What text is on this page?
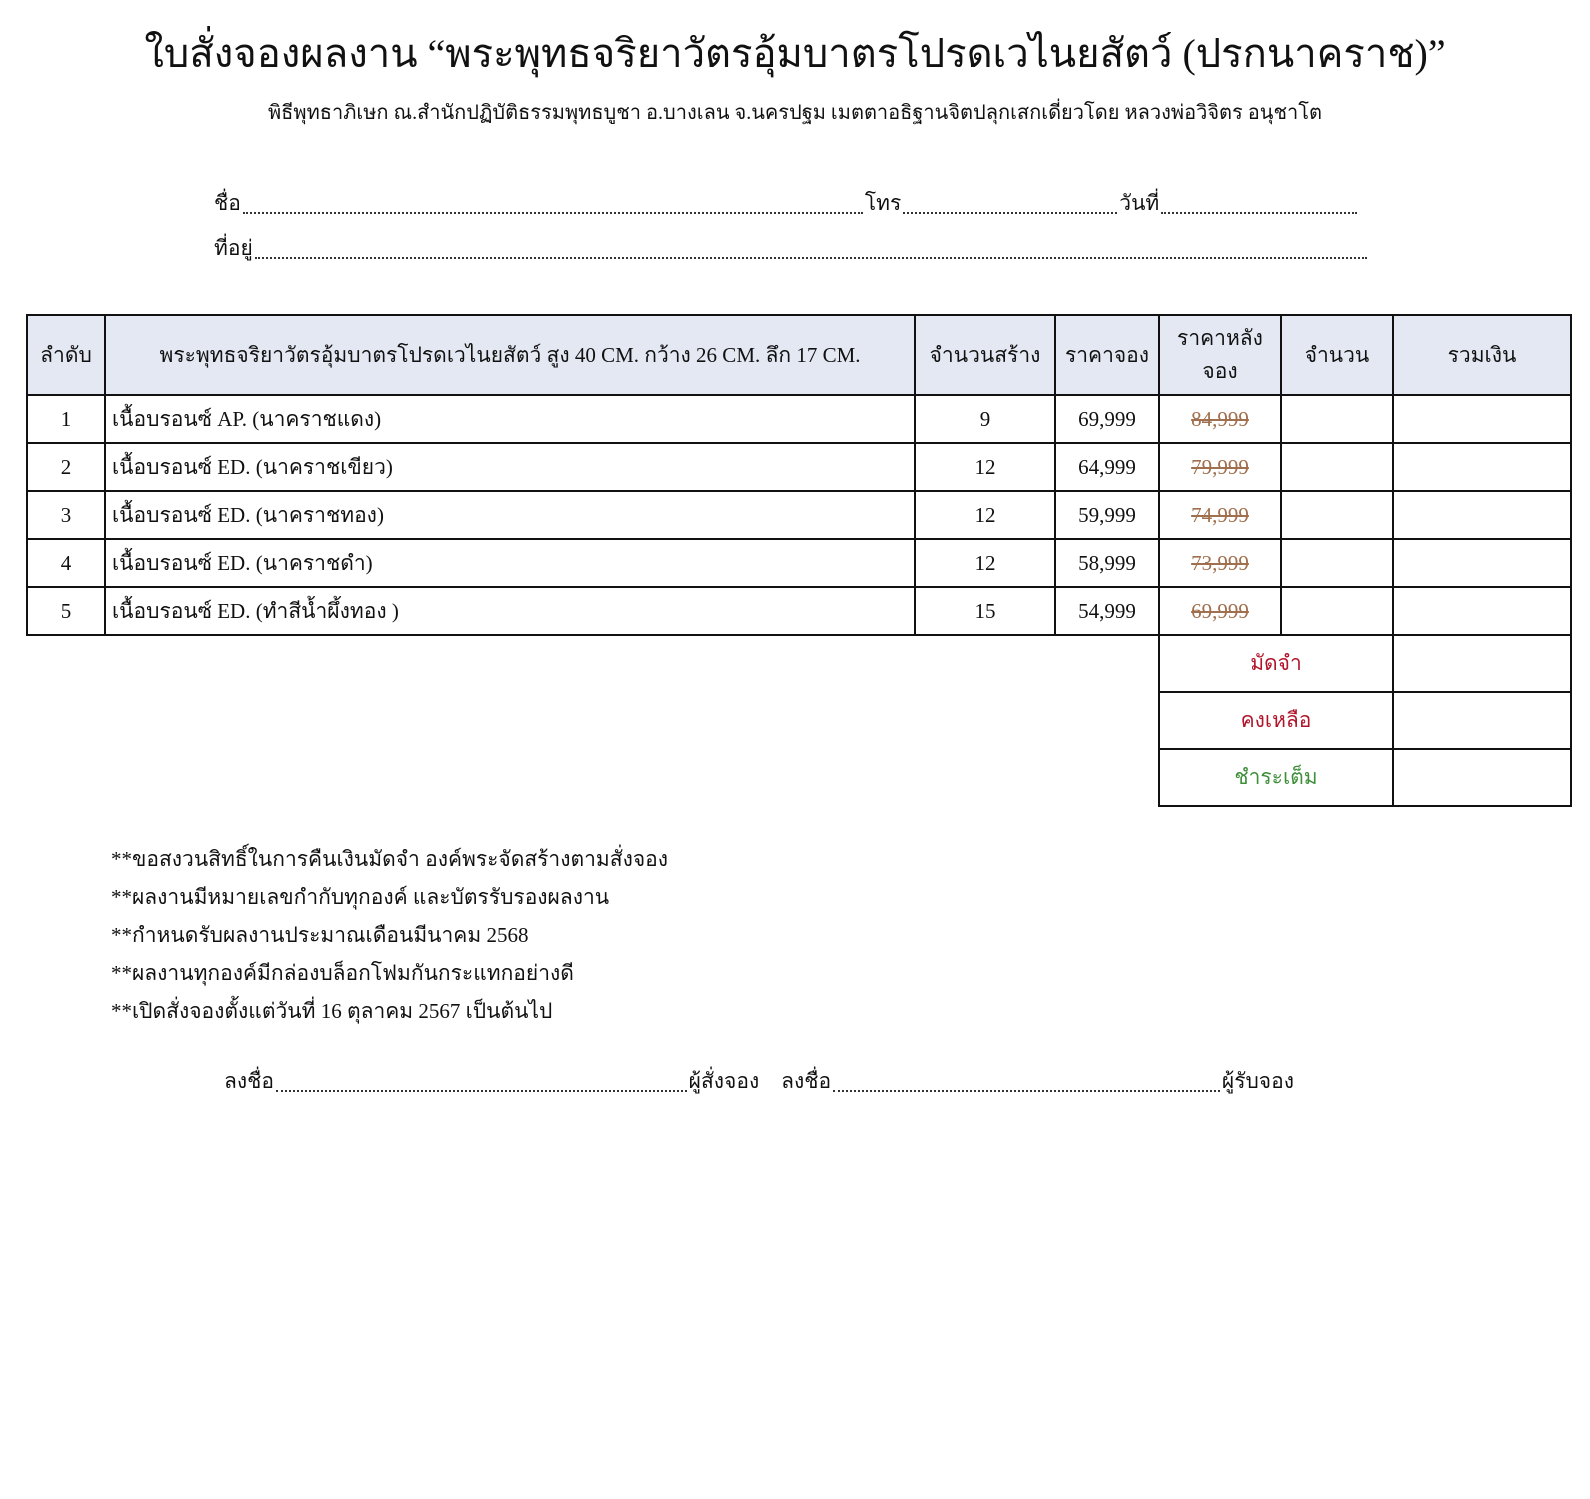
ใบสั่งจองผลงาน “พระพุทธจริยาวัตรอุ้มบาตรโปรดเวไนยสัตว์ (ปรกนาคราช)”
พิธีพุทธาภิเษก ณ.สำนักปฏิบัติธรรมพุทธบูชา อ.บางเลน จ.นครปฐม เมตตาอธิฐานจิตปลุกเสกเดี่ยวโดย หลวงพ่อวิจิตร อนุชาโต
ชื่อ	โทร	วันที่
ที่อยู่
ลำดับ	พระพุทธจริยาวัตรอุ้มบาตรโปรดเวไนยสัตว์ สูง 40 CM. กว้าง 26 CM. ลึก 17 CM.	จำนวนสร้าง	ราคาจอง	ราคาหลังจอง	จำนวน	รวมเงิน
1	เนื้อบรอนซ์ AP. (นาคราชแดง)	9	69,999	84,999		
2	เนื้อบรอนซ์ ED. (นาคราชเขียว)	12	64,999	79,999		
3	เนื้อบรอนซ์ ED. (นาคราชทอง)	12	59,999	74,999		
4	เนื้อบรอนซ์ ED. (นาคราชดำ)	12	58,999	73,999		
5	เนื้อบรอนซ์ ED. (ทำสีน้ำผึ้งทอง )	15	54,999	69,999		
				มัดจำ		
				คงเหลือ		
				ชำระเต็ม		
**ขอสงวนสิทธิ์ในการคืนเงินมัดจำ องค์พระจัดสร้างตามสั่งจอง
**ผลงานมีหมายเลขกำกับทุกองค์ และบัตรรับรองผลงาน
**กำหนดรับผลงานประมาณเดือนมีนาคม 2568
**ผลงานทุกองค์มีกล่องบล็อกโฟมกันกระแทกอย่างดี
**เปิดสั่งจองตั้งแต่วันที่ 16 ตุลาคม 2567 เป็นต้นไป
ลงชื่อ	ผู้สั่งจอง ลงชื่อ	ผู้รับจอง
